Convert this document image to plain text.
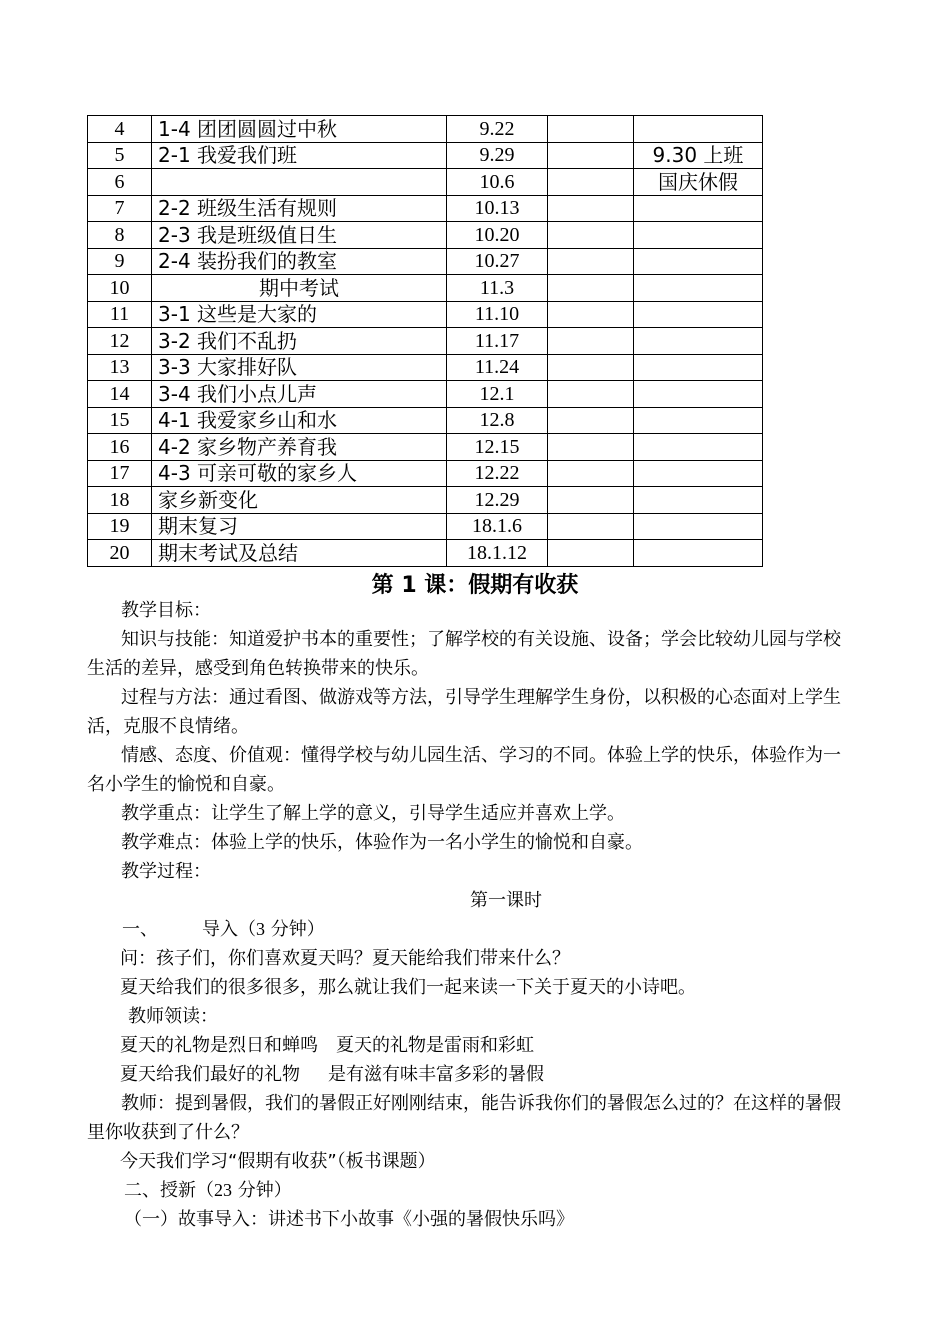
4	1-4 团团圆圆过中秋	9.22		
5	2-1 我爱我们班	9.29		9.30 上班
6		10.6		国庆休假
7	2-2 班级生活有规则	10.13		
8	2-3 我是班级值日生	10.20		
9	2-4 装扮我们的教室	10.27		
10	期中考试	11.3		
11	3-1 这些是大家的	11.10		
12	3-2 我们不乱扔	11.17		
13	3-3 大家排好队	11.24		
14	3-4 我们小点儿声	12.1		
15	4-1 我爱家乡山和水	12.8		
16	4-2 家乡物产养育我	12.15		
17	4-3 可亲可敬的家乡人	12.22		
18	家乡新变化	12.29		
19	期末复习	18.1.6		
20	期末考试及总结	18.1.12		
第 1 课：假期有收获

教学目标：

知识与技能：知道爱护书本的重要性；了解学校的有关设施、设备；学会比较幼儿园与学校生活的差异，感受到角色转换带来的快乐。

过程与方法：通过看图、做游戏等方法，引导学生理解学生身份，以积极的心态面对上学生活，克服不良情绪。

情感、态度、价值观：懂得学校与幼儿园生活、学习的不同。体验上学的快乐，体验作为一名小学生的愉悦和自豪。

教学重点：让学生了解上学的意义，引导学生适应并喜欢上学。

教学难点：体验上学的快乐，体验作为一名小学生的愉悦和自豪。

教学过程：

第一课时

一、 导入（3 分钟）

问：孩子们，你们喜欢夏天吗？夏天能给我们带来什么？

夏天给我们的很多很多，那么就让我们一起来读一下关于夏天的小诗吧。

教师领读：

夏天的礼物是烈日和蝉鸣 夏天的礼物是雷雨和彩虹

夏天给我们最好的礼物 是有滋有味丰富多彩的暑假

教师：提到暑假，我们的暑假正好刚刚结束，能告诉我你们的暑假怎么过的？在这样的暑假里你收获到了什么？

今天我们学习“假期有收获”（板书课题）

二、授新（23 分钟）

（一）故事导入：讲述书下小故事《小强的暑假快乐吗》
